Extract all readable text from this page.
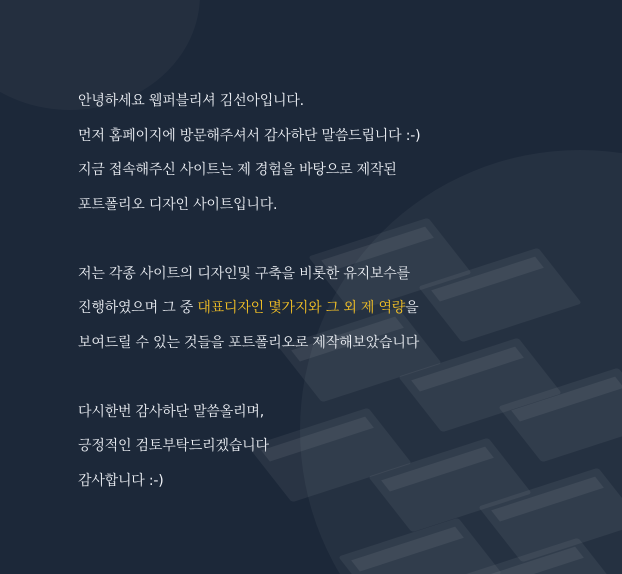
안녕하세요 웹퍼블리셔 김선아입니다.
먼저 홈페이지에 방문해주셔서 감사하단 말씀드립니다 :-)
지금 접속해주신 사이트는 제 경험을 바탕으로 제작된
포트폴리오 디자인 사이트입니다.
저는 각종 사이트의 디자인및 구축을 비롯한 유지보수를
진행하였으며 그 중 대표디자인 몇가지와 그 외 제 역량을
보여드릴 수 있는 것들을 포트폴리오로 제작해보았습니다
다시한번 감사하단 말씀올리며,
긍정적인 검토부탁드리겠습니다
감사합니다 :-)
